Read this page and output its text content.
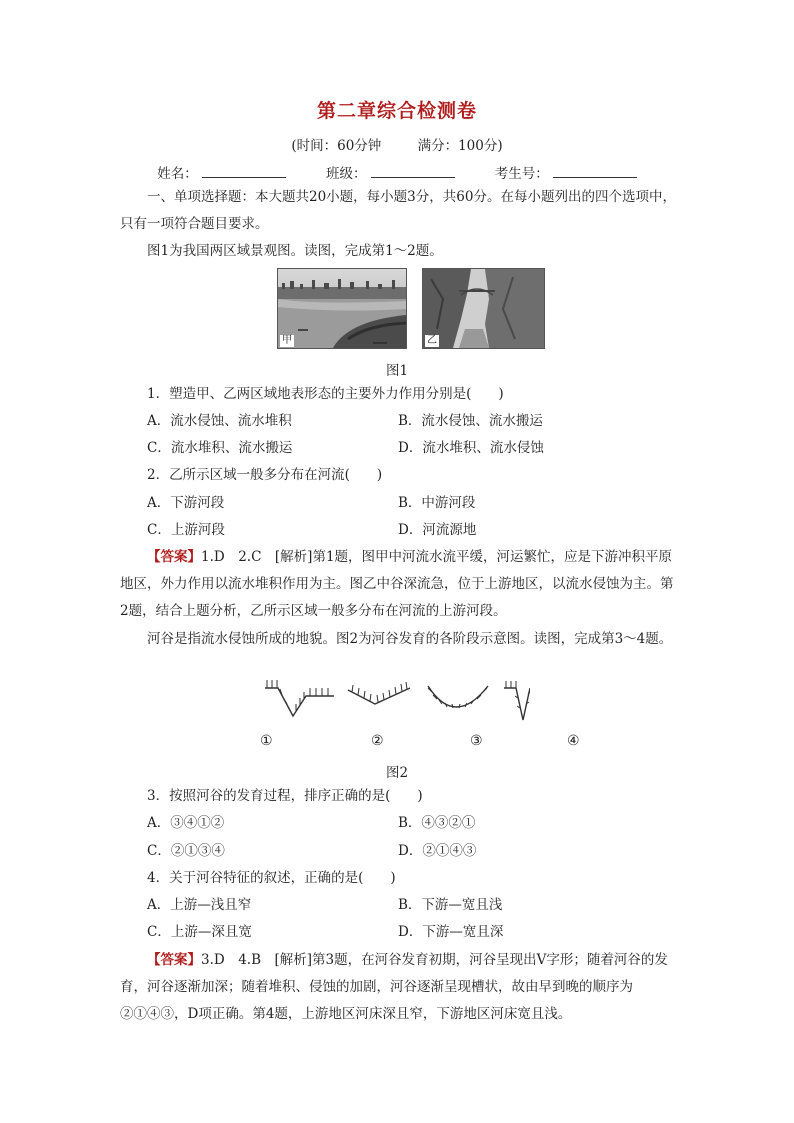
第二章综合检测卷
(时间：60分钟	满分：100分)
姓名：	班级：	考生号：
一、单项选择题：本大题共20小题，每小题3分，共60分。在每小题列出的四个选项中，只有一项符合题目要求。
图1为我国两区域景观图。读图，完成第1～2题。
甲	乙
图1
1．塑造甲、乙两区域地表形态的主要外力作用分别是(　　)
A．流水侵蚀、流水堆积	B．流水侵蚀、流水搬运
C．流水堆积、流水搬运	D．流水堆积、流水侵蚀
2．乙所示区域一般多分布在河流(　　)
A．下游河段	B．中游河段
C．上游河段	D．河流源地
【答案】1.D　2.C　[解析]第1题，图甲中河流水流平缓，河运繁忙，应是下游冲积平原地区，外力作用以流水堆积作用为主。图乙中谷深流急，位于上游地区，以流水侵蚀为主。第2题，结合上题分析，乙所示区域一般多分布在河流的上游河段。
河谷是指流水侵蚀所成的地貌。图2为河谷发育的各阶段示意图。读图，完成第3～4题。
①	②	③	④
图2
3．按照河谷的发育过程，排序正确的是(　　)
A．③④①②	B．④③②①
C．②①③④	D．②①④③
4．关于河谷特征的叙述，正确的是(　　)
A．上游—浅且窄	B．下游—宽且浅
C．上游—深且宽	D．下游—宽且深
【答案】3.D　4.B　[解析]第3题，在河谷发育初期，河谷呈现出V字形；随着河谷的发育，河谷逐渐加深；随着堆积、侵蚀的加剧，河谷逐渐呈现槽状，故由早到晚的顺序为②①④③，D项正确。第4题，上游地区河床深且窄，下游地区河床宽且浅。
